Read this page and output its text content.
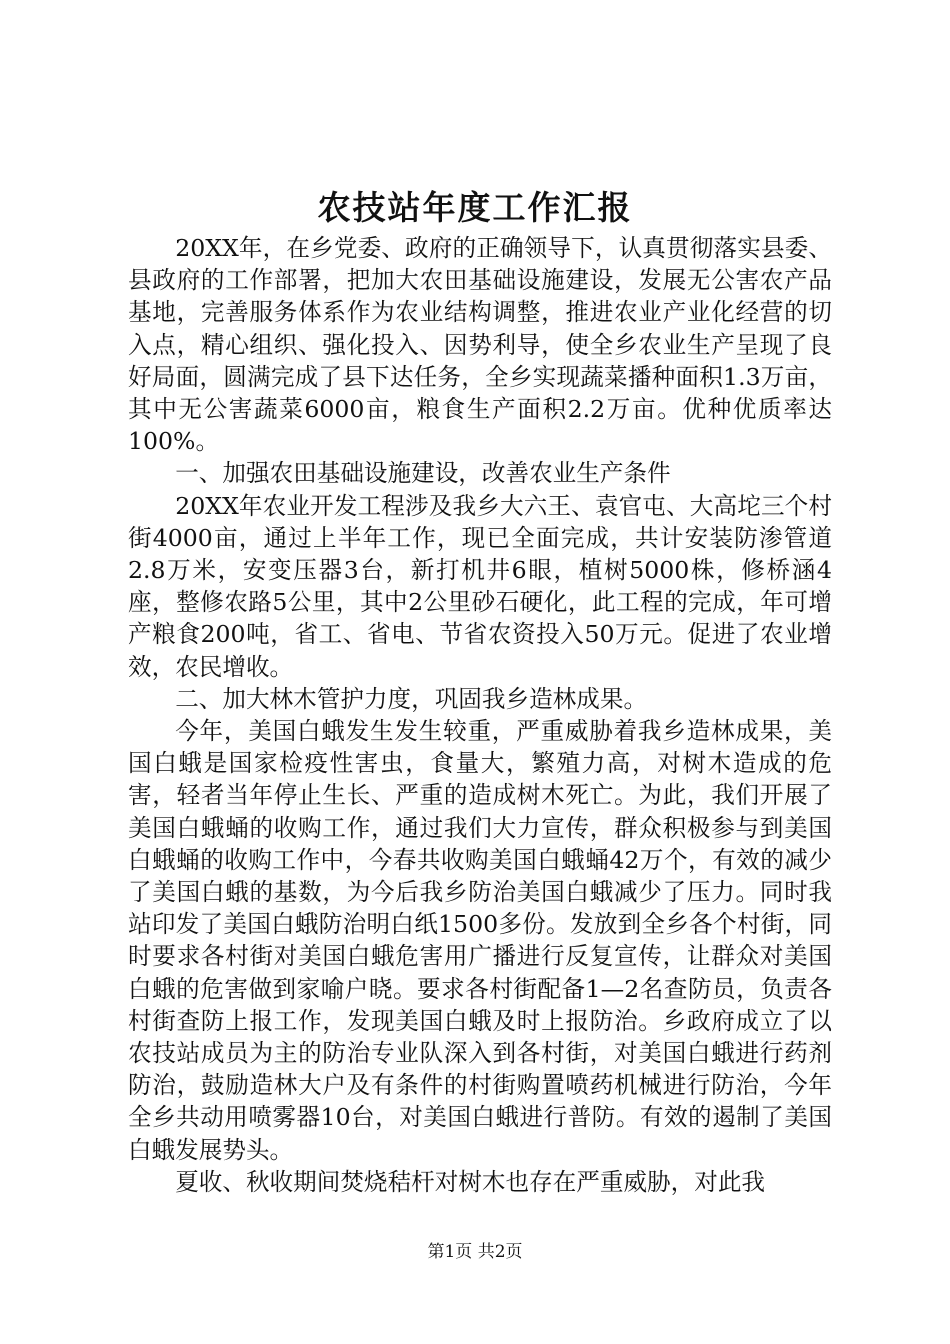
农技站年度工作汇报

20XX年，在乡党委、政府的正确领导下，认真贯彻落实县委、县政府的工作部署，把加大农田基础设施建设，发展无公害农产品基地，完善服务体系作为农业结构调整，推进农业产业化经营的切入点，精心组织、强化投入、因势利导，使全乡农业生产呈现了良好局面，圆满完成了县下达任务，全乡实现蔬菜播种面积1.3万亩，其中无公害蔬菜6000亩，粮食生产面积2.2万亩。优种优质率达100%。

一、加强农田基础设施建设，改善农业生产条件

20XX年农业开发工程涉及我乡大六王、袁官屯、大高坨三个村街4000亩，通过上半年工作，现已全面完成，共计安装防渗管道2.8万米，安变压器3台，新打机井6眼，植树5000株，修桥涵4座，整修农路5公里，其中2公里砂石硬化，此工程的完成，年可增产粮食200吨，省工、省电、节省农资投入50万元。促进了农业增效，农民增收。

二、加大林木管护力度，巩固我乡造林成果。

今年，美国白蛾发生发生较重，严重威胁着我乡造林成果，美国白蛾是国家检疫性害虫，食量大，繁殖力高，对树木造成的危害，轻者当年停止生长、严重的造成树木死亡。为此，我们开展了美国白蛾蛹的收购工作，通过我们大力宣传，群众积极参与到美国白蛾蛹的收购工作中，今春共收购美国白蛾蛹42万个，有效的减少了美国白蛾的基数，为今后我乡防治美国白蛾减少了压力。同时我站印发了美国白蛾防治明白纸1500多份。发放到全乡各个村街，同时要求各村街对美国白蛾危害用广播进行反复宣传，让群众对美国白蛾的危害做到家喻户晓。要求各村街配备1—2名查防员，负责各村街查防上报工作，发现美国白蛾及时上报防治。乡政府成立了以农技站成员为主的防治专业队深入到各村街，对美国白蛾进行药剂防治，鼓励造林大户及有条件的村街购置喷药机械进行防治，今年全乡共动用喷雾器10台，对美国白蛾进行普防。有效的遏制了美国白蛾发展势头。

夏收、秋收期间焚烧秸杆对树木也存在严重威胁，对此我

第1页 共2页
